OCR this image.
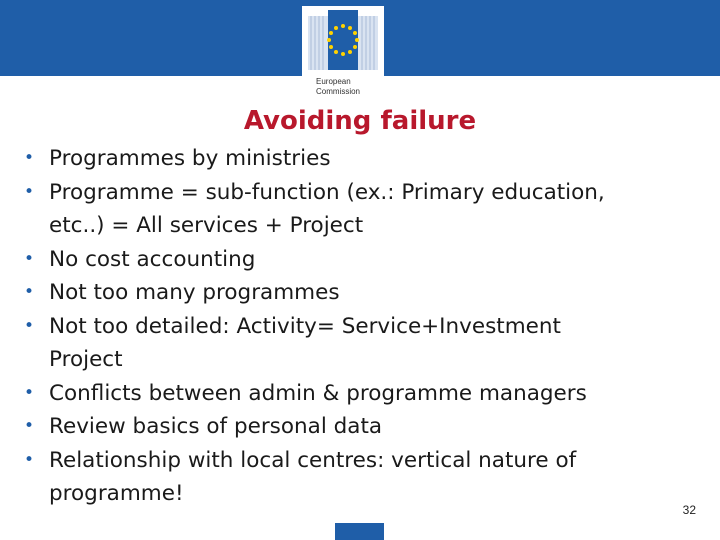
European
Commission
Avoiding failure
• Programmes by ministries
• Programme = sub-function (ex.: Primary education,
etc..) = All services + Project
• No cost accounting
• Not too many programmes
• Not too detailed: Activity= Service+Investment
Project
• Conflicts between admin & programme managers
• Review basics of personal data
• Relationship with local centres: vertical nature of
programme!
32
